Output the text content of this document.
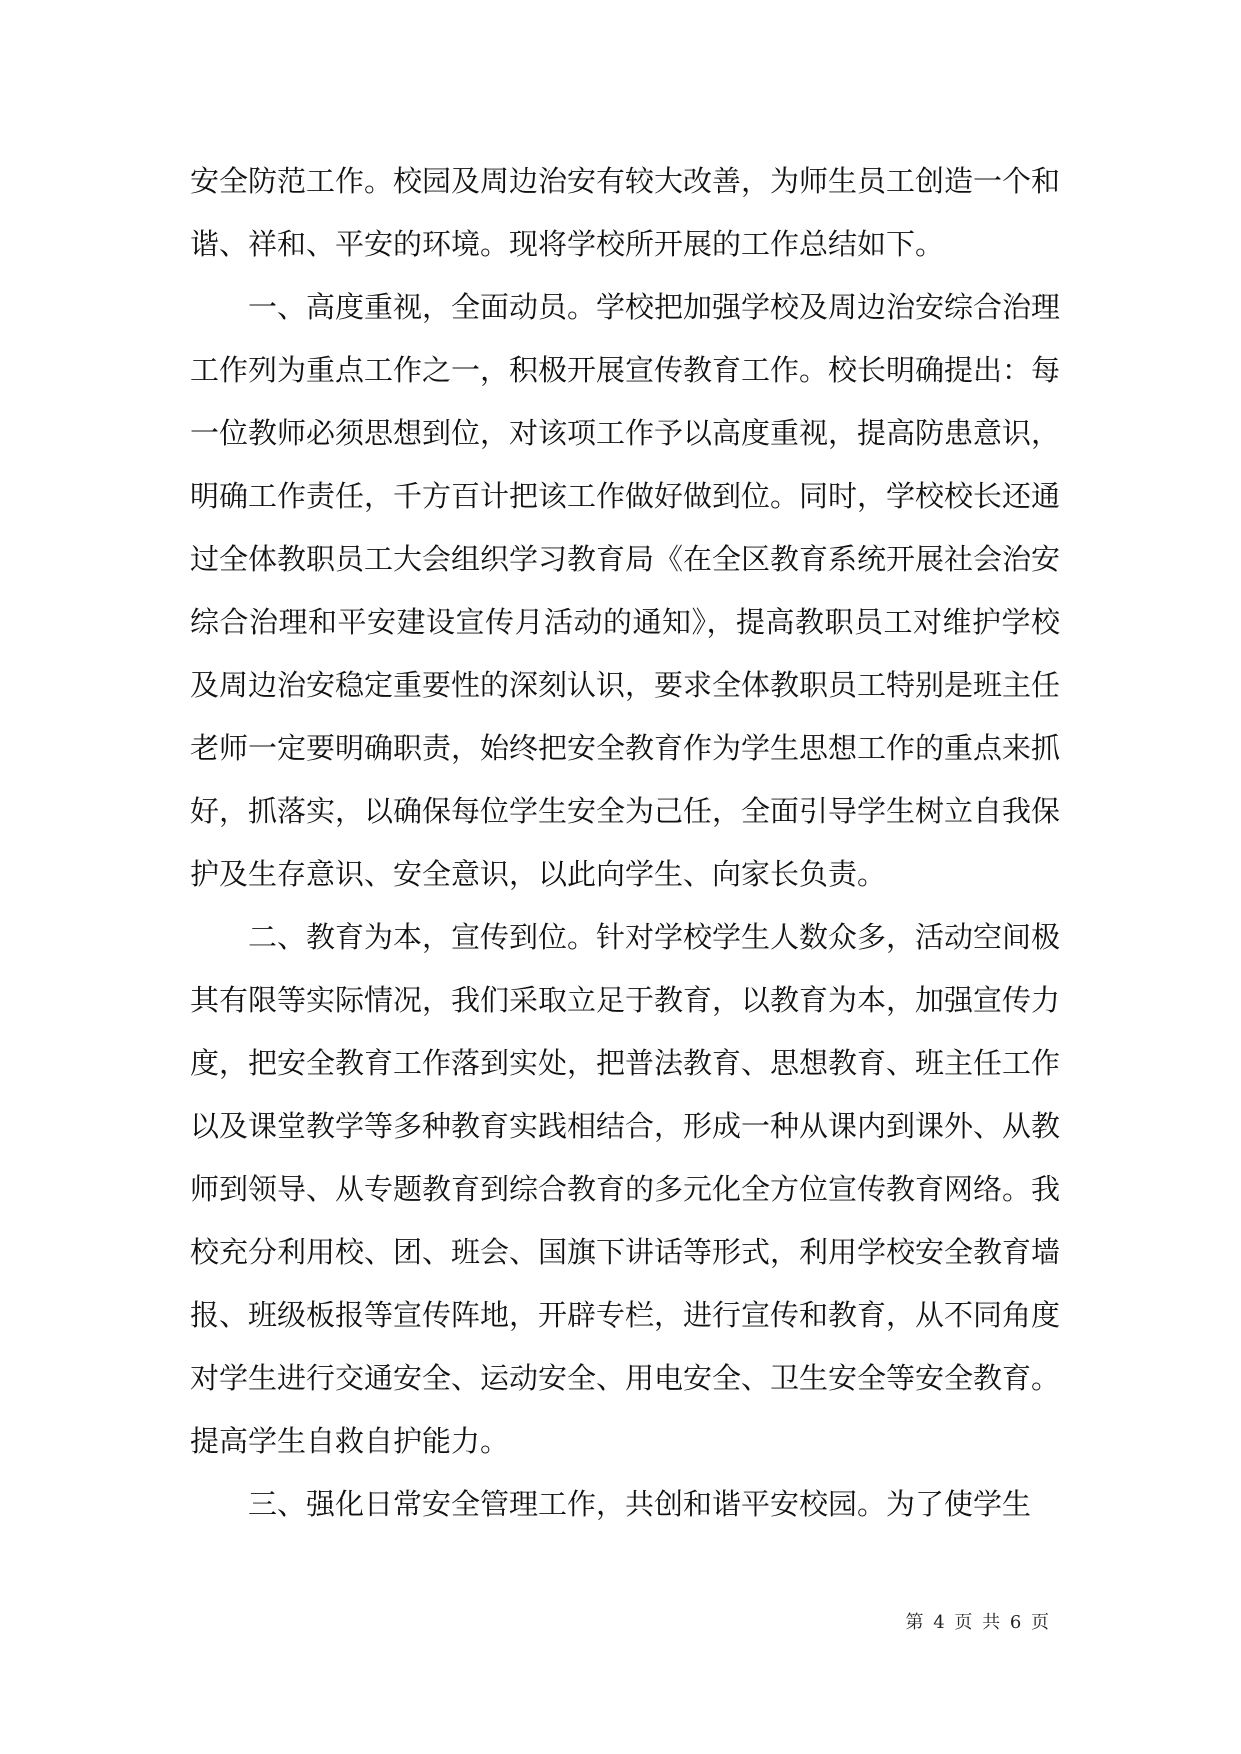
安全防范工作。校园及周边治安有较大改善，为师生员工创造一个和谐、祥和、平安的环境。现将学校所开展的工作总结如下。

一、高度重视，全面动员。学校把加强学校及周边治安综合治理工作列为重点工作之一，积极开展宣传教育工作。校长明确提出：每一位教师必须思想到位，对该项工作予以高度重视，提高防患意识，明确工作责任，千方百计把该工作做好做到位。同时，学校校长还通过全体教职员工大会组织学习教育局《在全区教育系统开展社会治安综合治理和平安建设宣传月活动的通知》，提高教职员工对维护学校及周边治安稳定重要性的深刻认识，要求全体教职员工特别是班主任老师一定要明确职责，始终把安全教育作为学生思想工作的重点来抓好，抓落实，以确保每位学生安全为己任，全面引导学生树立自我保护及生存意识、安全意识，以此向学生、向家长负责。

二、教育为本，宣传到位。针对学校学生人数众多，活动空间极其有限等实际情况，我们采取立足于教育，以教育为本，加强宣传力度，把安全教育工作落到实处，把普法教育、思想教育、班主任工作以及课堂教学等多种教育实践相结合，形成一种从课内到课外、从教师到领导、从专题教育到综合教育的多元化全方位宣传教育网络。我校充分利用校、团、班会、国旗下讲话等形式，利用学校安全教育墙报、班级板报等宣传阵地，开辟专栏，进行宣传和教育，从不同角度对学生进行交通安全、运动安全、用电安全、卫生安全等安全教育。提高学生自救自护能力。

三、强化日常安全管理工作，共创和谐平安校园。为了使学生

第 4 页 共 6 页
